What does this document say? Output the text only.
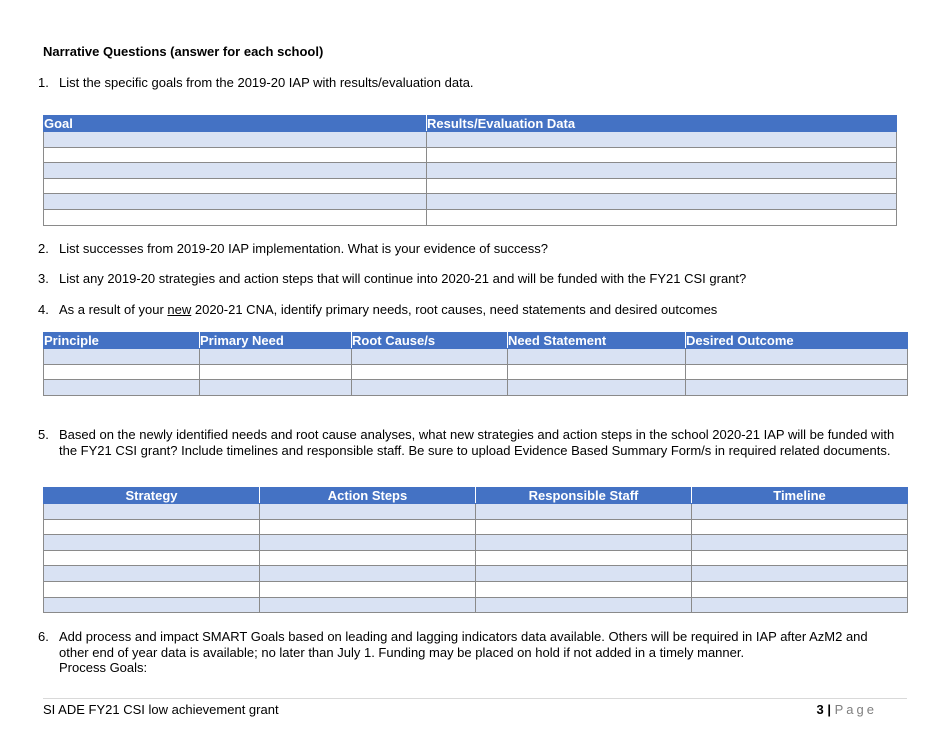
Narrative Questions (answer for each school)
1. List the specific goals from the 2019-20 IAP with results/evaluation data.
Goal	Results/Evaluation Data

2. List successes from 2019-20 IAP implementation. What is your evidence of success?
3. List any 2019-20 strategies and action steps that will continue into 2020-21 and will be funded with the FY21 CSI grant?
4. As a result of your new 2020-21 CNA, identify primary needs, root causes, need statements and desired outcomes
Principle	Primary Need	Root Cause/s	Need Statement	Desired Outcome

5. Based on the newly identified needs and root cause analyses, what new strategies and action steps in the school 2020-21 IAP will be funded with the FY21 CSI grant? Include timelines and responsible staff. Be sure to upload Evidence Based Summary Form/s in required related documents.
Strategy	Action Steps	Responsible Staff	Timeline

6. Add process and impact SMART Goals based on leading and lagging indicators data available. Others will be required in IAP after AzM2 and other end of year data is available; no later than July 1. Funding may be placed on hold if not added in a timely manner.
Process Goals:
SI ADE FY21 CSI low achievement grant	3 | Page
